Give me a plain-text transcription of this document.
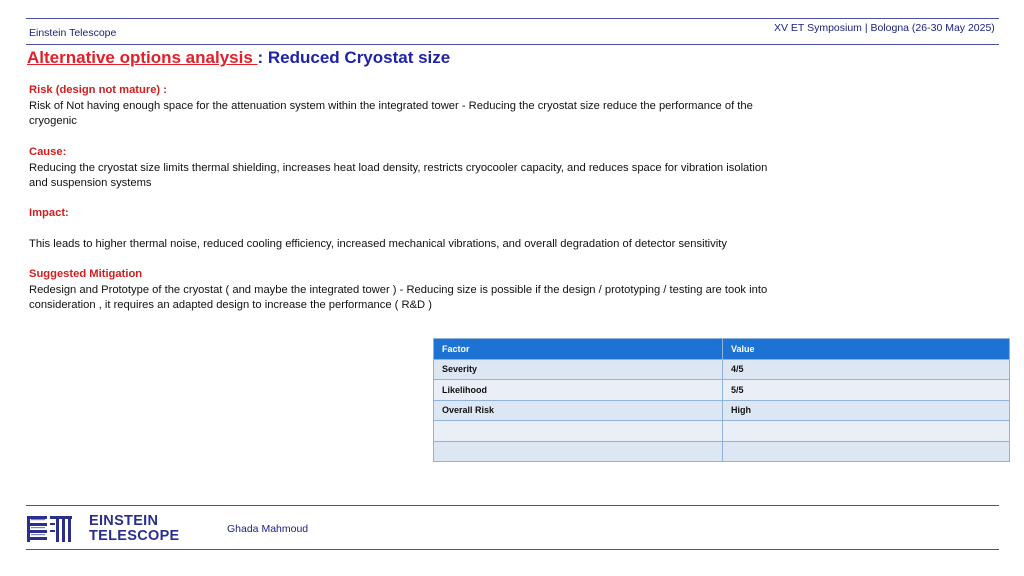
Einstein Telescope	XV ET Symposium | Bologna (26-30 May 2025)
Alternative options analysis : Reduced Cryostat size
Risk (design not mature) :
Risk of Not having enough space for the attenuation system within the integrated tower - Reducing the cryostat size reduce the performance of the cryogenic
Cause:
Reducing the cryostat size limits thermal shielding, increases heat load density, restricts cryocooler capacity, and reduces space for vibration isolation and suspension systems
Impact:
This leads to higher thermal noise, reduced cooling efficiency, increased mechanical vibrations, and overall degradation of detector sensitivity
Suggested Mitigation
Redesign and Prototype of the cryostat ( and maybe the integrated tower ) - Reducing size is possible if the design / prototyping / testing are took into consideration , it requires an adapted design to increase the performance ( R&D )
Factor	Value
Severity	4/5
Likelihood	5/5
Overall Risk	High

EINSTEIN
TELESCOPE	Ghada Mahmoud
